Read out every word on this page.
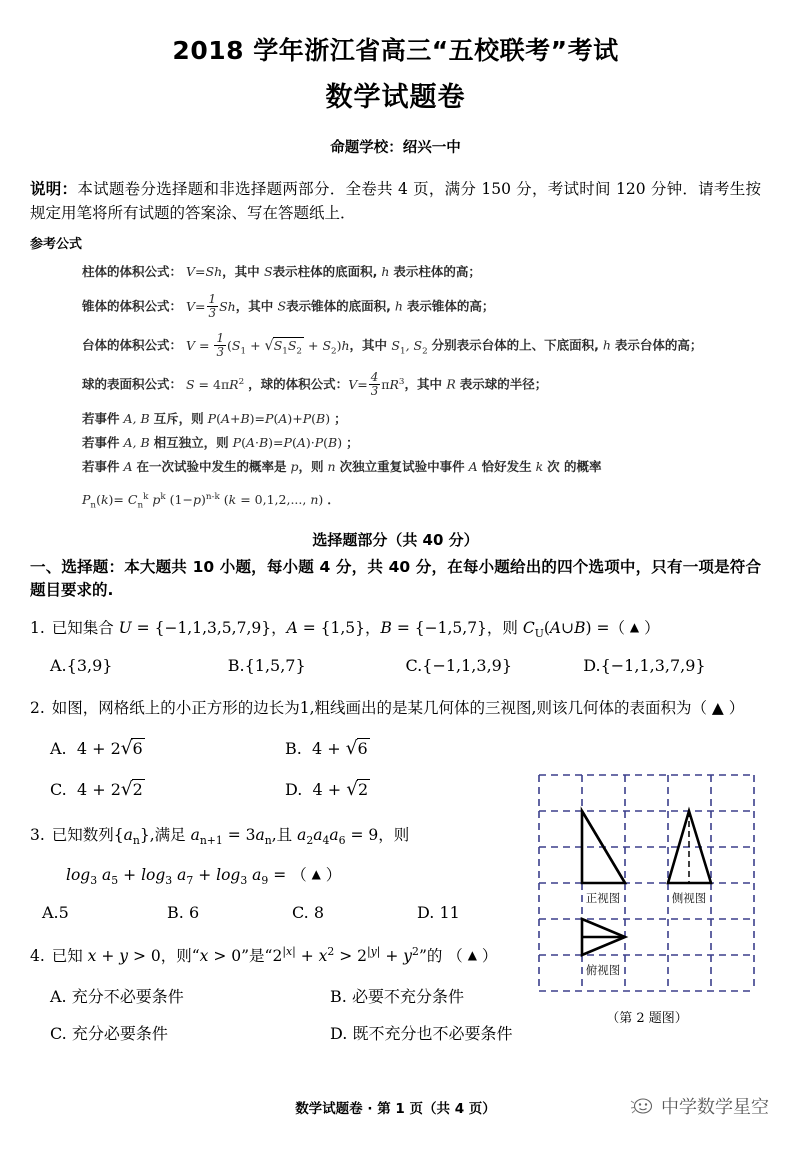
2018 学年浙江省高三“五校联考”考试
数学试题卷
命题学校：绍兴一中

说明：本试题卷分选择题和非选择题两部分．全卷共 4 页，满分 150 分，考试时间 120 分钟．请考生按规定用笔将所有试题的答案涂、写在答题纸上．

参考公式
柱体的体积公式： V=Sh，其中 S表示柱体的底面积, h 表示柱体的高；
锥体的体积公式： $V= \frac{1}{3}$ Sh，其中 S表示锥体的底面积, h 表示锥体的高；
台体的体积公式： $V = \frac{1}{3} (S_1 + √S_1S_2 + S_2)h$，其中 $S_1$, $S_2$ 分别表示台体的上、下底面积, h 表示台体的高；
球的表面积公式： $S = 4\pi R^2$ ，球的体积公式：$V= \frac{4}{3} \pi R^3$，其中 R 表示球的半径；
若事件 A, B 互斥，则 P(A+B)=P(A)+P(B) ；
若事件 A, B 相互独立，则 P(A·B)=P(A)·P(B) ；
若事件 A 在一次试验中发生的概率是 p，则 n 次独立重复试验中事件 A 恰好发生 k 次 的概率
$P_n(k)= C_n^k$ $p^k$ $(1-p)^{n-k}$ (k = 0,1,2,..., n) ．
选择题部分（共 40 分）
一、选择题：本大题共 10 小题，每小题 4 分，共 40 分，在每小题给出的四个选项中，只有一项是符合题目要求的.
1. 已知集合 U = {−1,1,3,5,7,9}，A = {1,5}，B = {−1,5,7}，则 $C_U(A\cup B)$ =（ ▲ ）
A.{3,9}	B.{1,5,7}	C.{−1,1,3,9}	D.{−1,1,3,7,9}
2. 如图，网格纸上的小正方形的边长为1,粗线画出的是某几何体的三视图,则该几何体的表面积为（ ▲ ）
A.  4 + 2√6	B.  4 + √6
C.  4 + 2√2	D.  4 + √2
正视图	侧视图
俯视图
（第 2 题图）
3. 已知数列$\{a_n\}$,满足 $a_{n+1} = 3a_n$,且 $a_2a_4a_6 = 9$，则
$\log_3 a_5 + \log_3 a_7 + \log_3 a_9$ = （ ▲ ）
A.5	B. 6	C. 8	D. 11
4. 已知 x + y > 0，则“x > 0”是“$2^{|x|} + x^2 > 2^{|y|} + y^2$”的 （ ▲ ）
A. 充分不必要条件	B. 必要不充分条件
C. 充分必要条件	D. 既不充分也不必要条件
数学试题卷 · 第 1 页（共 4 页）	中学数学星空
